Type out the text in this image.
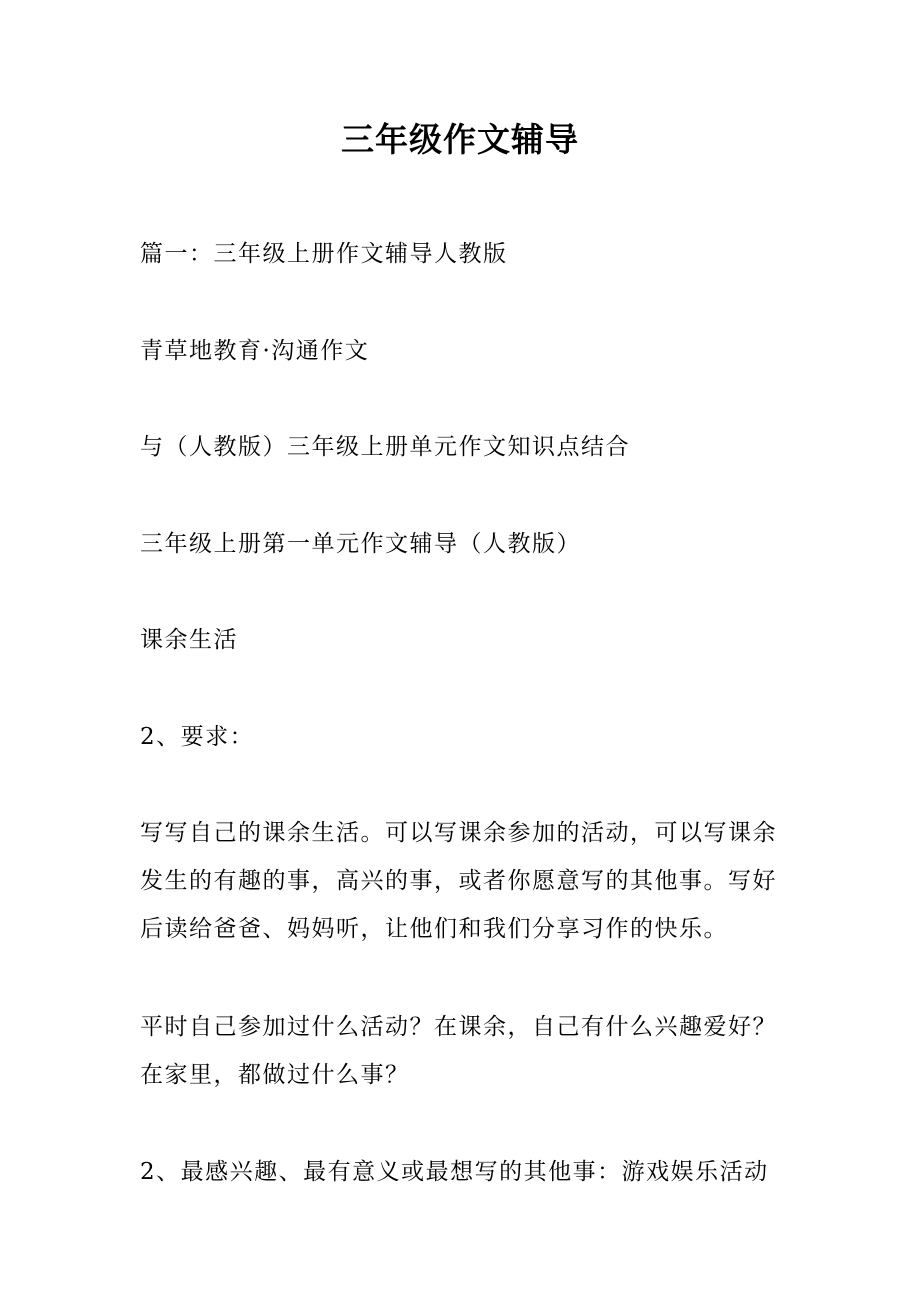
三年级作文辅导

篇一：三年级上册作文辅导人教版

青草地教育·沟通作文

与（人教版）三年级上册单元作文知识点结合

三年级上册第一单元作文辅导（人教版）

课余生活

2、要求：

写写自己的课余生活。可以写课余参加的活动，可以写课余
发生的有趣的事，高兴的事，或者你愿意写的其他事。写好
后读给爸爸、妈妈听，让他们和我们分享习作的快乐。

平时自己参加过什么活动？在课余，自己有什么兴趣爱好？
在家里，都做过什么事？

2、最感兴趣、最有意义或最想写的其他事：游戏娱乐活动
